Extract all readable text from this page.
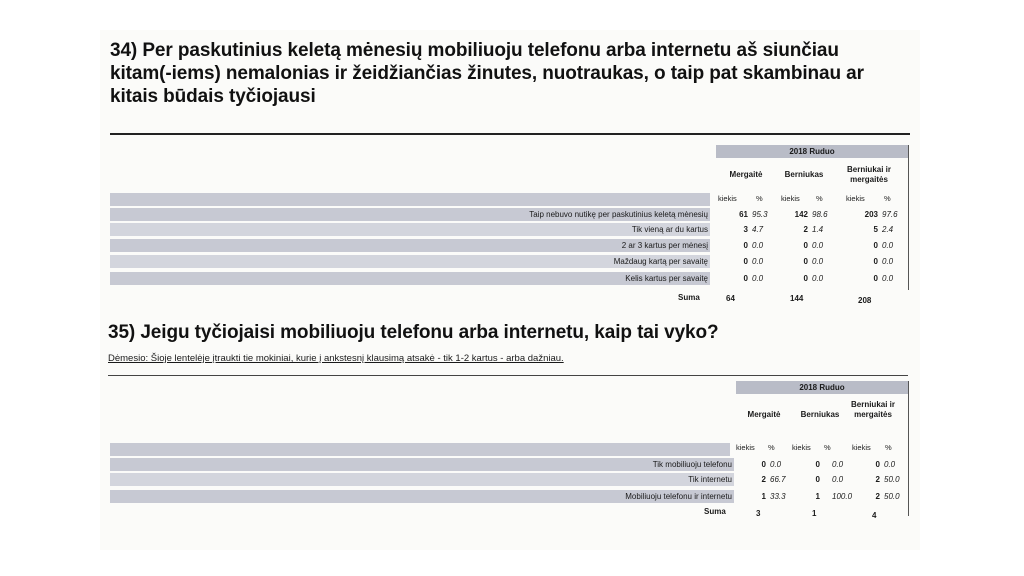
34) Per paskutinius keletą mėnesių mobiliuoju telefonu arba internetu aš siunčiau
kitam(-iems) nemalonias ir žeidžiančias žinutes, nuotraukas, o taip pat skambinau ar
kitais būdais tyčiojausi
2018 Ruduo
Mergaitė	Berniukas
Berniukai ir mergaitės
kiekis	% kiekis %	kiekis	%
Taip nebuvo nutikę per paskutinius keletą mėnesių	61 95.3	142 98.6	203 97.6
Tik vieną ar du kartus	3 4.7	2 1.4	5 2.4
2 ar 3 kartus per mėnesį	0 0.0	0 0.0	0 0.0
Maždaug kartą per savaitę	0 0.0	0 0.0	0 0.0
Kelis kartus per savaitę	0 0.0	0 0.0	0 0.0
Suma	64	144	208
35) Jeigu tyčiojaisi mobiliuoju telefonu arba internetu, kaip tai vyko?
Dėmesio: Šioje lentelėje įtraukti tie mokiniai, kurie į ankstesnį klausimą atsakė - tik 1-2 kartus - arba dažniau.
2018 Ruduo
Mergaitė	Berniukas
Berniukai ir mergaitės
kiekis % kiekis %	kiekis %
Tik mobiliuoju telefonu	0 0.0	0 0.0	0 0.0
Tik internetu	2 66.7	0 0.0	2 50.0
Mobiliuoju telefonu ir internetu	1 33.3	1 100.0	2 50.0
Suma	3	1	4
